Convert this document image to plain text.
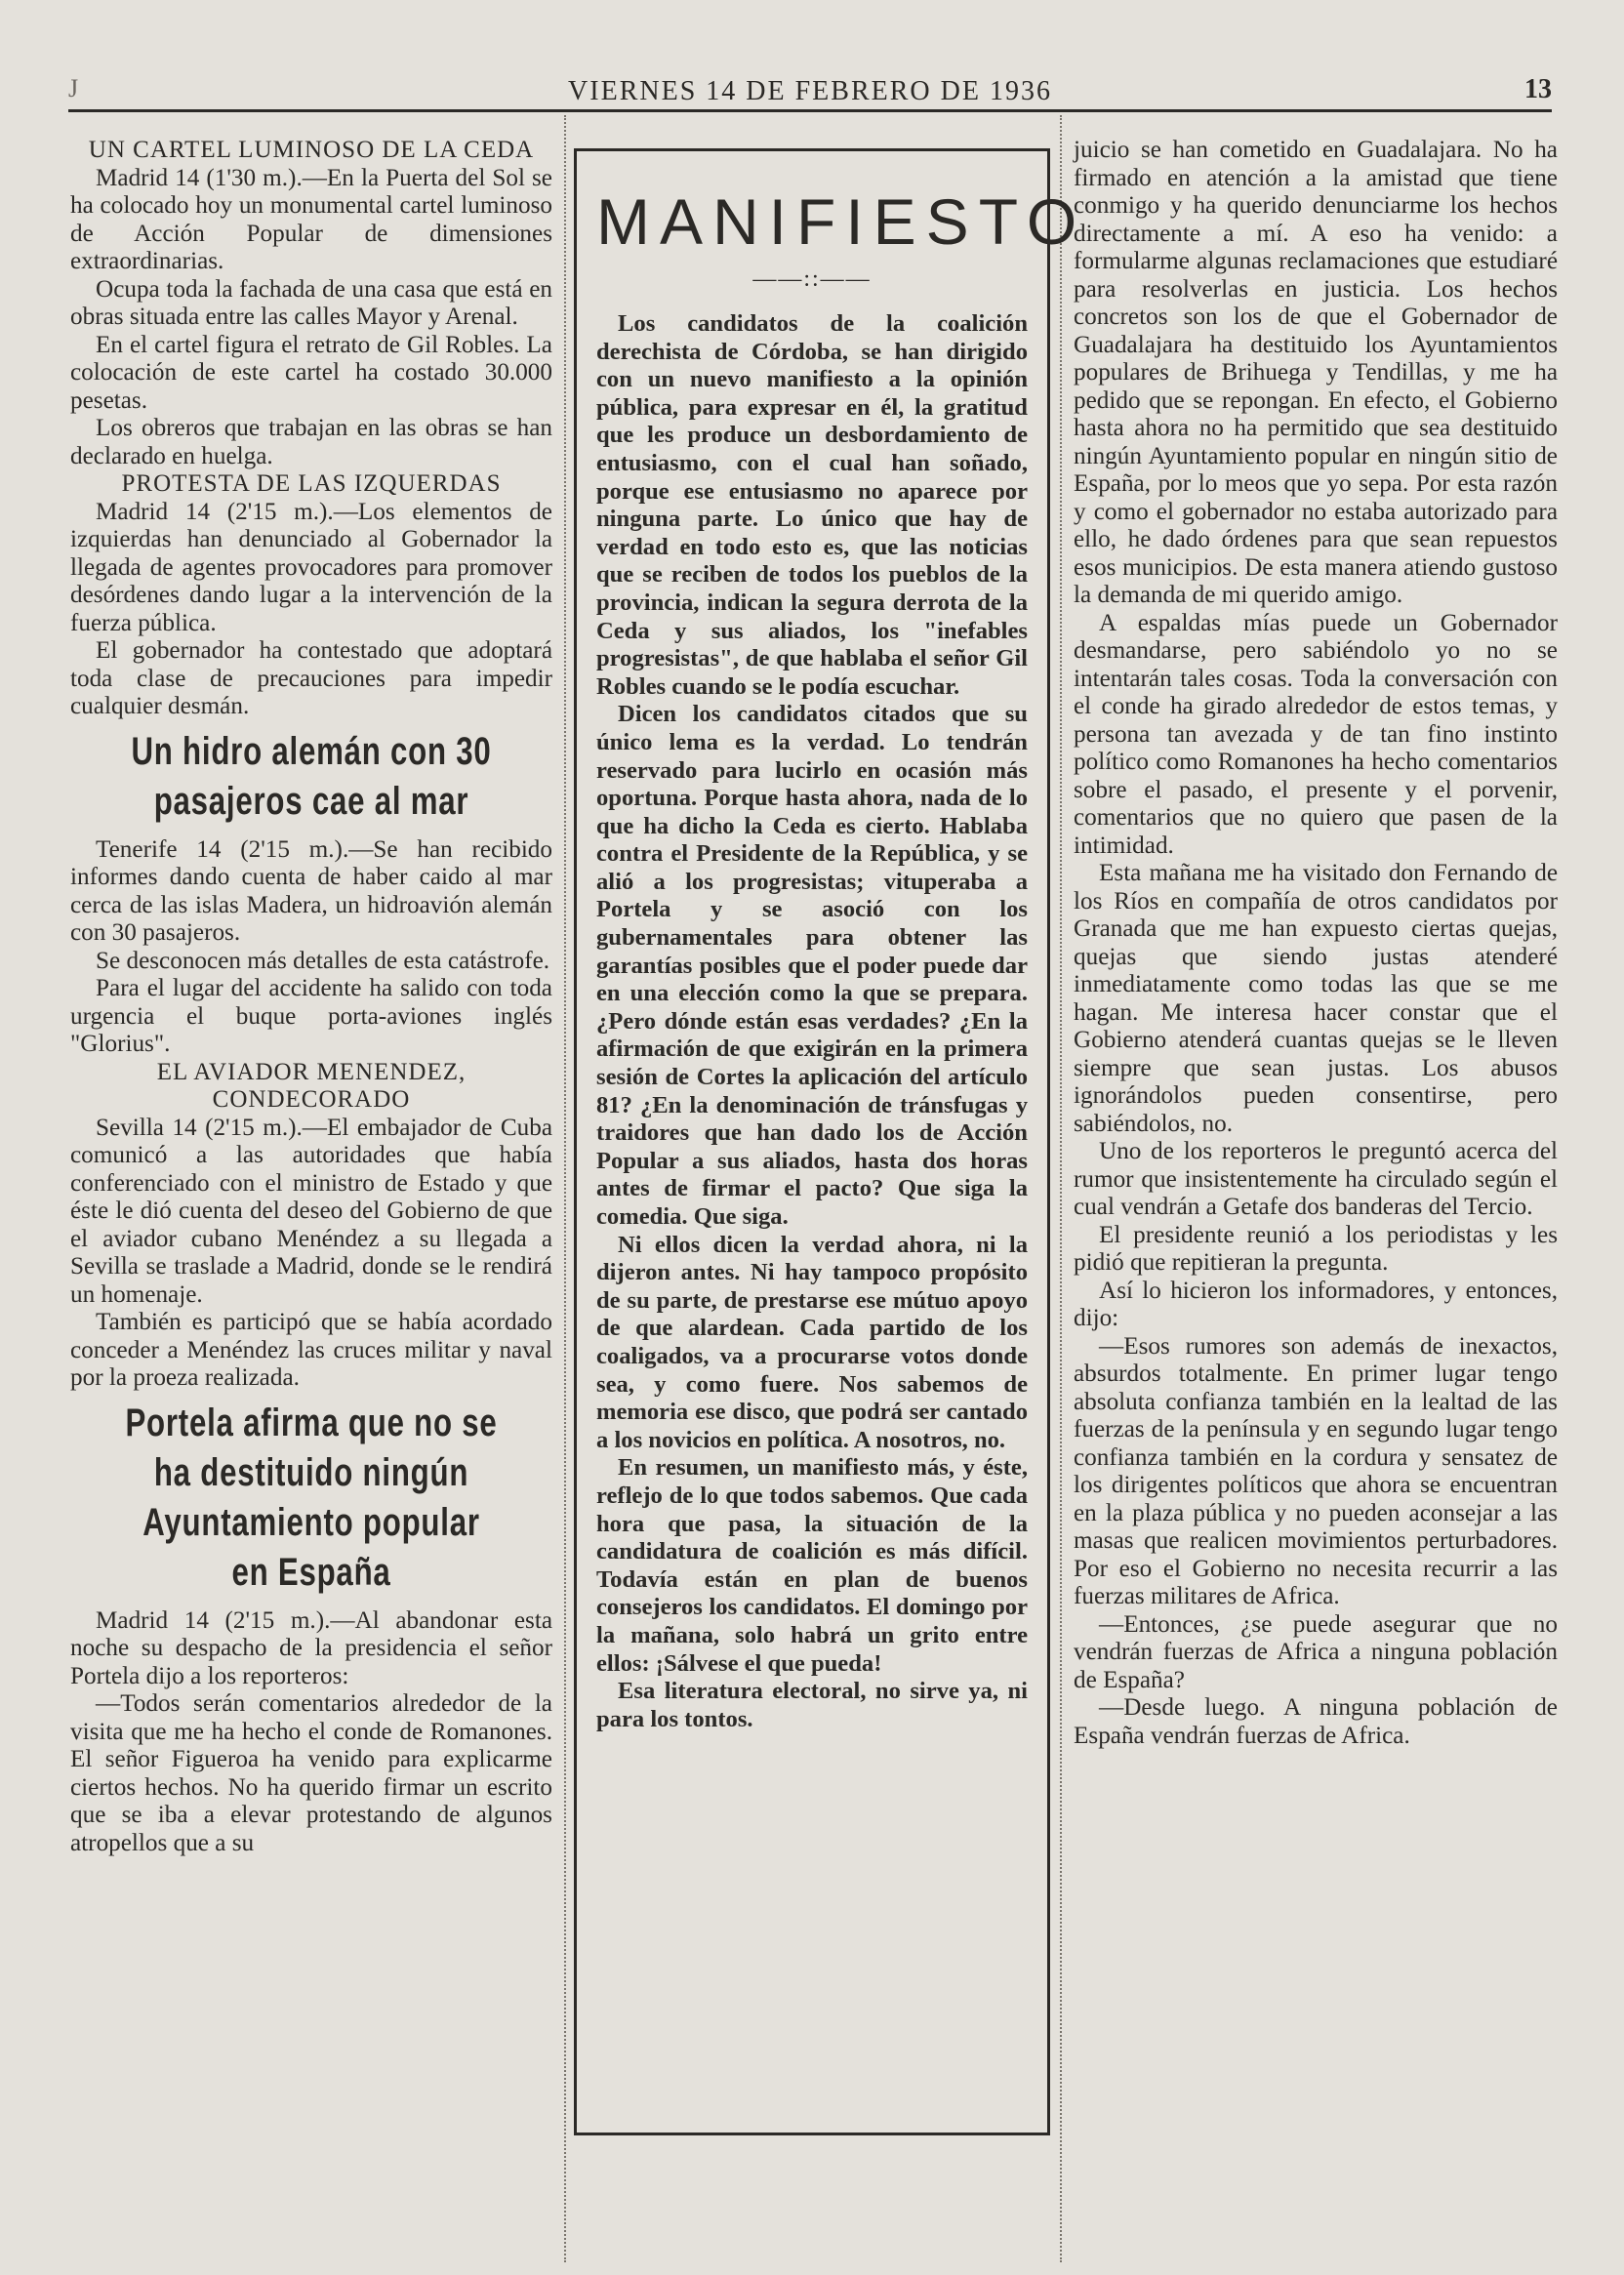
J	VIERNES 14 DE FEBRERO DE 1936	13
UN CARTEL LUMINOSO DE LA CEDA

Madrid 14 (1'30 m.).—En la Puerta del Sol se ha colocado hoy un monumental cartel luminoso de Acción Popular de dimensiones extraordinarias.

Ocupa toda la fachada de una casa que está en obras situada entre las calles Mayor y Arenal.

En el cartel figura el retrato de Gil Robles. La colocación de este cartel ha costado 30.000 pesetas.

Los obreros que trabajan en las obras se han declarado en huelga.

PROTESTA DE LAS IZQUERDAS

Madrid 14 (2'15 m.).—Los elementos de izquierdas han denunciado al Gobernador la llegada de agentes provocadores para promover desórdenes dando lugar a la intervención de la fuerza pública.

El gobernador ha contestado que adoptará toda clase de precauciones para impedir cualquier desmán.

Un hidro alemán con 30 pasajeros cae al mar

Tenerife 14 (2'15 m.).—Se han recibido informes dando cuenta de haber caido al mar cerca de las islas Madera, un hidroavión alemán con 30 pasajeros.

Se desconocen más detalles de esta catástrofe.

Para el lugar del accidente ha salido con toda urgencia el buque porta-aviones inglés "Glorius".

EL AVIADOR MENENDEZ, CONDECORADO

Sevilla 14 (2'15 m.).—El embajador de Cuba comunicó a las autoridades que había conferenciado con el ministro de Estado y que éste le dió cuenta del deseo del Gobierno de que el aviador cubano Menéndez a su llegada a Sevilla se traslade a Madrid, donde se le rendirá un homenaje.

También es participó que se había acordado conceder a Menéndez las cruces militar y naval por la proeza realizada.

Portela afirma que no se ha destituido ningún Ayuntamiento popular en España

Madrid 14 (2'15 m.).—Al abandonar esta noche su despacho de la presidencia el señor Portela dijo a los reporteros:

—Todos serán comentarios alrededor de la visita que me ha hecho el conde de Romanones. El señor Figueroa ha venido para explicarme ciertos hechos. No ha querido firmar un escrito que se iba a elevar protestando de algunos atropellos que a su

MANIFIESTO
——::——

Los candidatos de la coalición derechista de Córdoba, se han dirigido con un nuevo manifiesto a la opinión pública, para expresar en él, la gratitud que les produce un desbordamiento de entusiasmo, con el cual han soñado, porque ese entusiasmo no aparece por ninguna parte. Lo único que hay de verdad en todo esto es, que las noticias que se reciben de todos los pueblos de la provincia, indican la segura derrota de la Ceda y sus aliados, los "inefables progresistas", de que hablaba el señor Gil Robles cuando se le podía escuchar.

Dicen los candidatos citados que su único lema es la verdad. Lo tendrán reservado para lucirlo en ocasión más oportuna. Porque hasta ahora, nada de lo que ha dicho la Ceda es cierto. Hablaba contra el Presidente de la República, y se alió a los progresistas; vituperaba a Portela y se asoció con los gubernamentales para obtener las garantías posibles que el poder puede dar en una elección como la que se prepara. ¿Pero dónde están esas verdades? ¿En la afirmación de que exigirán en la primera sesión de Cortes la aplicación del artículo 81? ¿En la denominación de tránsfugas y traidores que han dado los de Acción Popular a sus aliados, hasta dos horas antes de firmar el pacto? Que siga la comedia. Que siga.

Ni ellos dicen la verdad ahora, ni la dijeron antes. Ni hay tampoco propósito de su parte, de prestarse ese mútuo apoyo de que alardean. Cada partido de los coaligados, va a procurarse votos donde sea, y como fuere. Nos sabemos de memoria ese disco, que podrá ser cantado a los novicios en política. A nosotros, no.

En resumen, un manifiesto más, y éste, reflejo de lo que todos sabemos. Que cada hora que pasa, la situación de la candidatura de coalición es más difícil. Todavía están en plan de buenos consejeros los candidatos. El domingo por la mañana, solo habrá un grito entre ellos: ¡Sálvese el que pueda!

Esa literatura electoral, no sirve ya, ni para los tontos.

juicio se han cometido en Guadalajara. No ha firmado en atención a la amistad que tiene conmigo y ha querido denunciarme los hechos directamente a mí. A eso ha venido: a formularme algunas reclamaciones que estudiaré para resolverlas en justicia. Los hechos concretos son los de que el Gobernador de Guadalajara ha destituido los Ayuntamientos populares de Brihuega y Tendillas, y me ha pedido que se repongan. En efecto, el Gobierno hasta ahora no ha permitido que sea destituido ningún Ayuntamiento popular en ningún sitio de España, por lo meos que yo sepa. Por esta razón y como el gobernador no estaba autorizado para ello, he dado órdenes para que sean repuestos esos municipios. De esta manera atiendo gustoso la demanda de mi querido amigo.

A espaldas mías puede un Gobernador desmandarse, pero sabiéndolo yo no se intentarán tales cosas. Toda la conversación con el conde ha girado alrededor de estos temas, y persona tan avezada y de tan fino instinto político como Romanones ha hecho comentarios sobre el pasado, el presente y el porvenir, comentarios que no quiero que pasen de la intimidad.

Esta mañana me ha visitado don Fernando de los Ríos en compañía de otros candidatos por Granada que me han expuesto ciertas quejas, quejas que siendo justas atenderé inmediatamente como todas las que se me hagan. Me interesa hacer constar que el Gobierno atenderá cuantas quejas se le lleven siempre que sean justas. Los abusos ignorándolos pueden consentirse, pero sabiéndolos, no.

Uno de los reporteros le preguntó acerca del rumor que insistentemente ha circulado según el cual vendrán a Getafe dos banderas del Tercio.

El presidente reunió a los periodistas y les pidió que repitieran la pregunta.

Así lo hicieron los informadores, y entonces, dijo:

—Esos rumores son además de inexactos, absurdos totalmente. En primer lugar tengo absoluta confianza también en la lealtad de las fuerzas de la península y en segundo lugar tengo confianza también en la cordura y sensatez de los dirigentes políticos que ahora se encuentran en la plaza pública y no pueden aconsejar a las masas que realicen movimientos perturbadores. Por eso el Gobierno no necesita recurrir a las fuerzas militares de Africa.

—Entonces, ¿se puede asegurar que no vendrán fuerzas de Africa a ninguna población de España?

—Desde luego. A ninguna población de España vendrán fuerzas de Africa.
